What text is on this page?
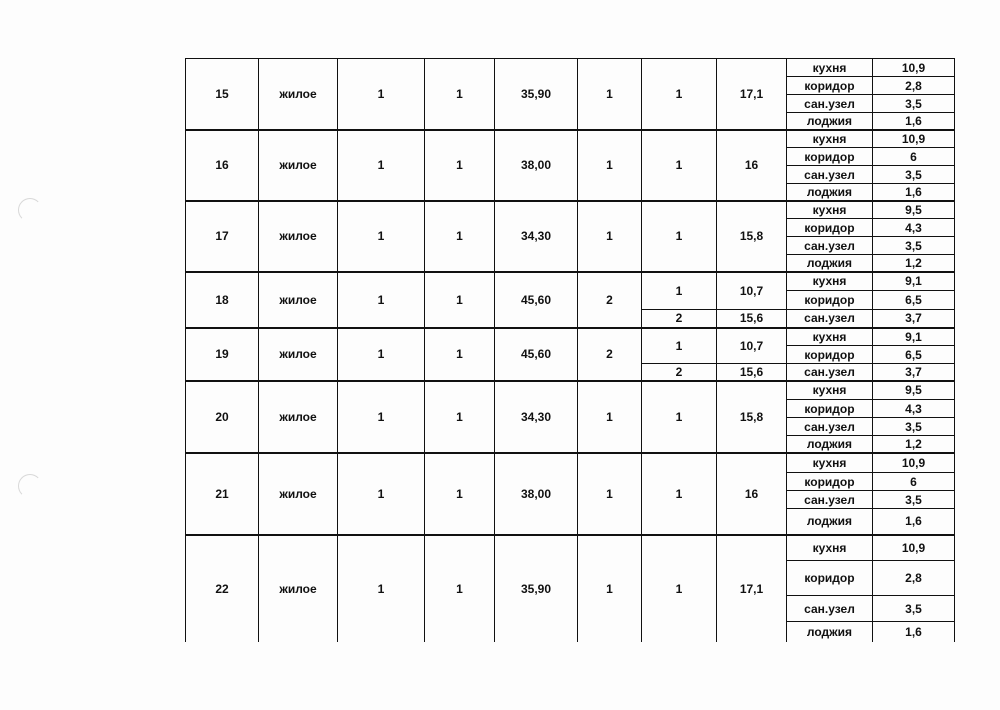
15	жилое	1	1	35,90	1	1	17,1	кухня	10,9
								коридор	2,8
								сан.узел	3,5
								лоджия	1,6
16	жилое	1	1	38,00	1	1	16	кухня	10,9
								коридор	6
								сан.узел	3,5
								лоджия	1,6
17	жилое	1	1	34,30	1	1	15,8	кухня	9,5
								коридор	4,3
								сан.узел	3,5
								лоджия	1,2
18	жилое	1	1	45,60	2	1	10,7	кухня	9,1
								коридор	6,5
						2	15,6	сан.узел	3,7
19	жилое	1	1	45,60	2	1	10,7	кухня	9,1
								коридор	6,5
						2	15,6	сан.узел	3,7
20	жилое	1	1	34,30	1	1	15,8	кухня	9,5
								коридор	4,3
								сан.узел	3,5
								лоджия	1,2
21	жилое	1	1	38,00	1	1	16	кухня	10,9
								коридор	6
								сан.узел	3,5
								лоджия	1,6
22	жилое	1	1	35,90	1	1	17,1	кухня	10,9
								коридор	2,8
								сан.узел	3,5
								лоджия	1,6
